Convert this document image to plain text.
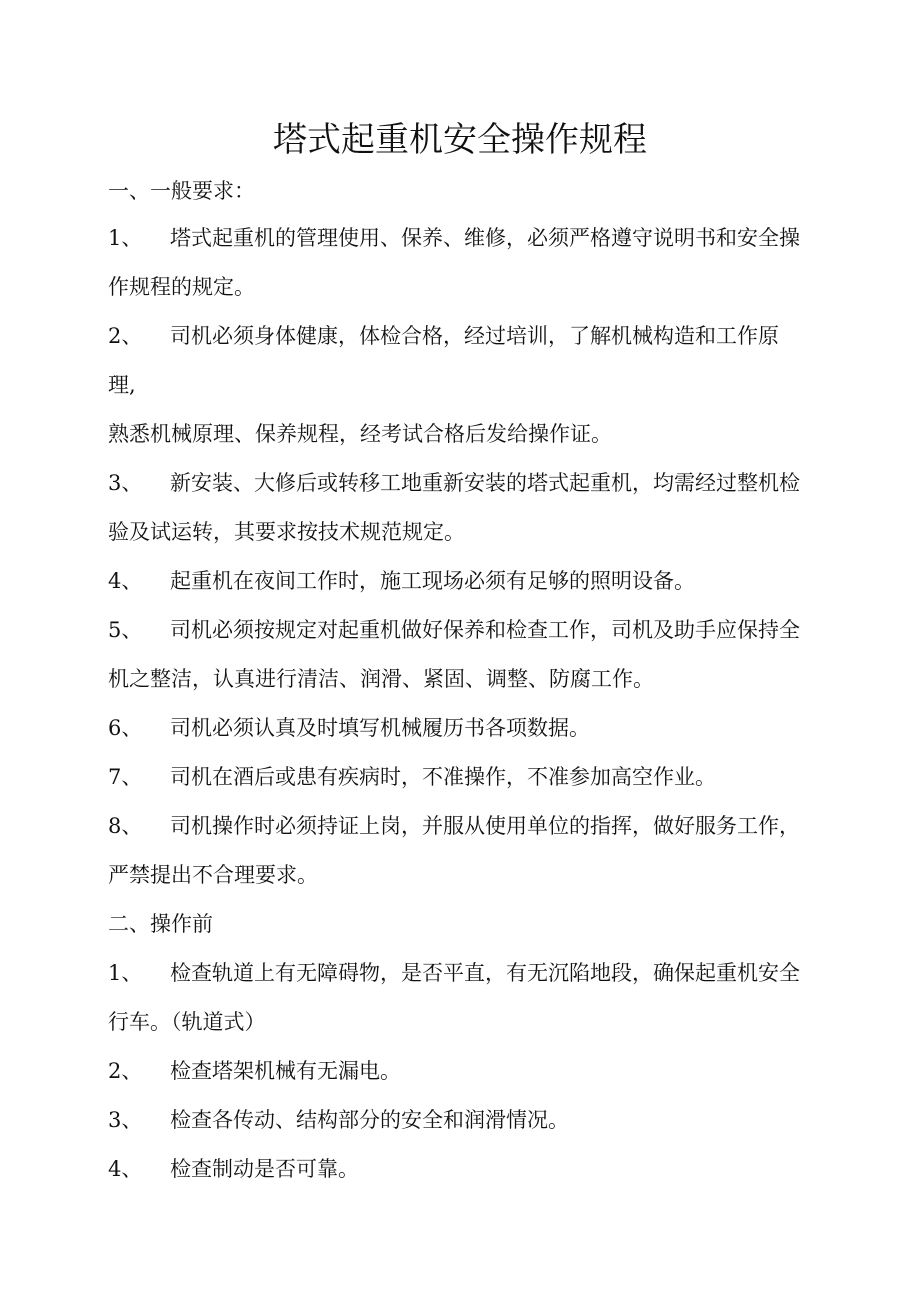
塔式起重机安全操作规程
一、一般要求：
1、 塔式起重机的管理使用、保养、维修，必须严格遵守说明书和安全操
作规程的规定。
2、 司机必须身体健康，体检合格，经过培训，了解机械构造和工作原
理,
熟悉机械原理、保养规程，经考试合格后发给操作证。
3、 新安装、大修后或转移工地重新安装的塔式起重机，均需经过整机检
验及试运转，其要求按技术规范规定。
4、 起重机在夜间工作时，施工现场必须有足够的照明设备。
5、 司机必须按规定对起重机做好保养和检查工作，司机及助手应保持全
机之整洁，认真进行清洁、润滑、紧固、调整、防腐工作。
6、 司机必须认真及时填写机械履历书各项数据。
7、 司机在酒后或患有疾病时，不准操作，不准参加高空作业。
8、 司机操作时必须持证上岗，并服从使用单位的指挥，做好服务工作，
严禁提出不合理要求。
二、操作前
1、 检查轨道上有无障碍物，是否平直，有无沉陷地段，确保起重机安全
行车。（轨道式）
2、 检查塔架机械有无漏电。
3、 检查各传动、结构部分的安全和润滑情况。
4、 检查制动是否可靠。
